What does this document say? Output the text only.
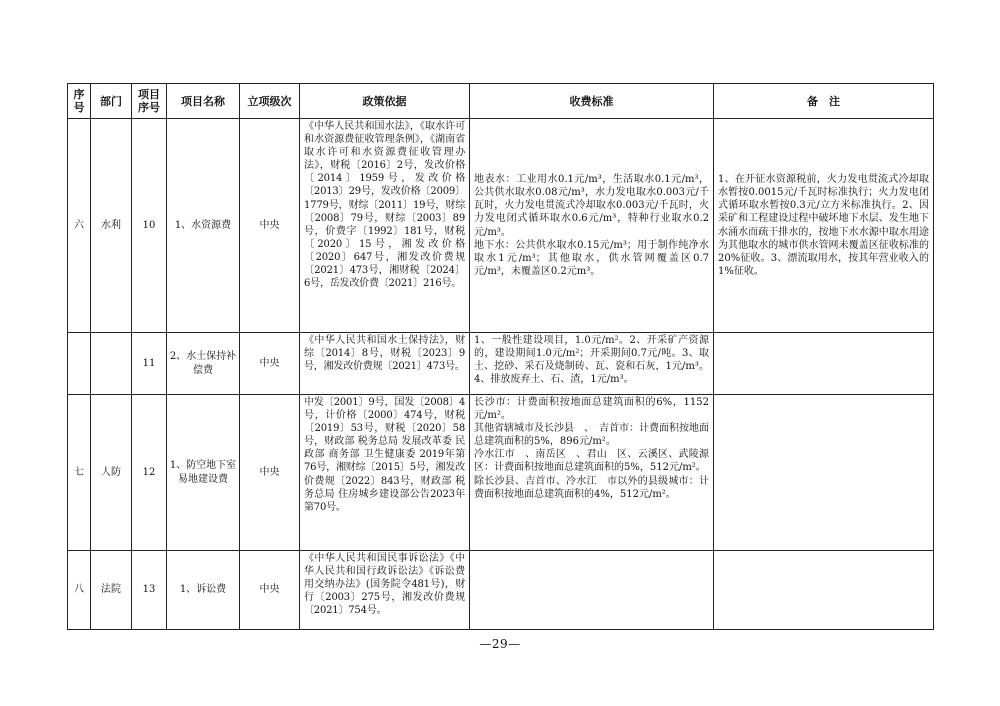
序号	部门	项目序号	项目名称	立项级次	政策依据	收费标准	备　注
六	水利	10	1、水资源费	中央	《中华人民共和国水法》，《取水许可和水资源费征收管理条例》，《湖南省取水许可和水资源费征收管理办法》，财税〔2016〕2号，发改价格〔2014〕1959号，发改价格〔2013〕29号，发改价格〔2009〕1779号，财综〔2011〕19号，财综〔2008〕79号，财综〔2003〕89号，价费字〔1992〕181号，财税〔2020〕15号，湘发改价格〔2020〕647号，湘发改价费规〔2021〕473号，湘财税〔2024〕6号，岳发改价费〔2021〕216号。	地表水：工业用水0.1元/m³，生活取水0.1元/m³，公共供水取水0.08元/m³，水力发电取水0.003元/千瓦时，火力发电贯流式冷却取水0.003元/千瓦时，火力发电闭式循环取水0.6元/m³，特种行业取水0.2元/m³。

地下水：公共供水取水0.15元/m³；用于制作纯净水取水1元/m³；其他取水，供水管网覆盖区0.7元/m³，未覆盖区0.2元m³。	1、在开征水资源税前，火力发电贯流式冷却取水暂按0.0015元/千瓦时标准执行；火力发电闭式循环取水暂按0.3元/立方米标准执行。2、因采矿和工程建设过程中破坏地下水层、发生地下水涌水而疏干排水的，按地下水水源中取水用途为其他取水的城市供水管网未覆盖区征收标准的20%征收。3、漂流取用水，按其年营业收入的1%征收。
		11	2、水土保持补偿费	中央	《中华人民共和国水土保持法》，财综〔2014〕8号，财税〔2023〕9号，湘发改价费规〔2021〕473号。	1、一般性建设项目，1.0元/m²。2、开采矿产资源的，建设期间1.0元/m²；开采期间0.7元/吨。3、取土、挖砂、采石及烧制砖、瓦、瓷和石灰，1元/m³。4、排放废弃土、石、渣，1元/m³。	

七	人防	12	1、防空地下室易地建设费	中央	中发〔2001〕9号，国发〔2008〕4号，计价格〔2000〕474号，财税〔2019〕53号，财税〔2020〕58号，财政部 税务总局 发展改革委 民政部 商务部 卫生健康委 2019年第76号，湘财综〔2015〕5号，湘发改价费规〔2022〕843号，财政部 税务总局 住房城乡建设部公告2023年第70号。	长沙市：计费面积按地面总建筑面积的6%，1152元/m²。

其他省辖城市及长沙县　、　吉首市：计费面积按地面总建筑面积的5%，896元/m²。

冷水江市　、南岳区　、君山　区、云溪区、武陵源区：计费面积按地面总建筑面积的5%，512元/m²。

除长沙县、吉首市、冷水江　市以外的县级城市：计费面积按地面总建筑面积的4%，512元/m²。	

八	法院	13	1、诉讼费	中央	《中华人民共和国民事诉讼法》《中华人民共和国行政诉讼法》《诉讼费用交纳办法》(国务院令481号)，财行〔2003〕275号，湘发改价费规〔2021〕754号。		
—29—
